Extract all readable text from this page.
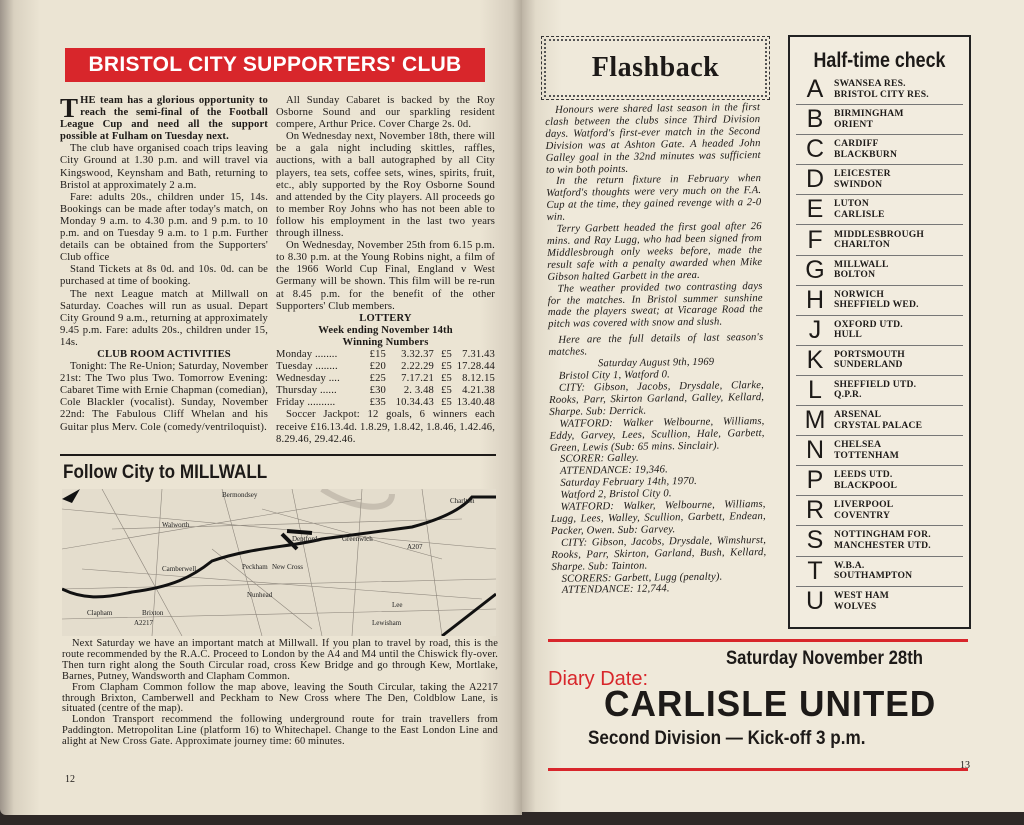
BRISTOL CITY SUPPORTERS' CLUB

THE team has a glorious opportunity to reach the semi-final of the Football League Cup and need all the support possible at Fulham on Tuesday next.

The club have organised coach trips leaving City Ground at 1.30 p.m. and will travel via Kingswood, Keynsham and Bath, returning to Bristol at approximately 2 a.m.

Fare: adults 20s., children under 15, 14s. Bookings can be made after today's match, on Monday 9 a.m. to 4.30 p.m. and 9 p.m. to 10 p.m. and on Tuesday 9 a.m. to 1 p.m. Further details can be obtained from the Supporters' Club office

Stand Tickets at 8s 0d. and 10s. 0d. can be purchased at time of booking.

The next League match at Millwall on Saturday. Coaches will run as usual. Depart City Ground 9 a.m., returning at approximately 9.45 p.m. Fare: adults 20s., children under 15, 14s.

CLUB ROOM ACTIVITIES

Tonight: The Re-Union; Saturday, November 21st: The Two plus Two. Tomorrow Evening: Cabaret Time with Ernie Chapman (comedian), Cole Blackler (vocalist). Sunday, November 22nd: The Fabulous Cliff Whelan and his Guitar plus Merv. Cole (comedy/ventriloquist).

All Sunday Cabaret is backed by the Roy Osborne Sound and our sparkling resident compere, Arthur Price. Cover Charge 2s. 0d.

On Wednesday next, November 18th, there will be a gala night including skittles, raffles, auctions, with a ball autographed by all City players, tea sets, coffee sets, wines, spirits, fruit, etc., ably supported by the Roy Osborne Sound and attended by the City players. All proceeds go to member Roy Johns who has not been able to follow his employment in the last two years through illness.

On Wednesday, November 25th from 6.15 p.m. to 8.30 p.m. at the Young Robins night, a film of the 1966 World Cup Final, England v West Germany will be shown. This film will be re-run at 8.45 p.m. for the benefit of the other Supporters' Club members.

LOTTERY
Week ending November 14th
Winning Numbers
Monday ........	£15	3.32.37 £5 7.31.43
Tuesday ........	£20	2.22.29 £5 17.28.44
Wednesday ....	£25	7.17.21 £5 8.12.15
Thursday ......	£30	2. 3.48 £5 4.21.38
Friday ..........	£35 10.34.43 £5 13.40.48

Soccer Jackpot: 12 goals, 6 winners each receive £16.13.4d. 1.8.29, 1.8.42, 1.8.46, 1.42.46, 8.29.46, 29.42.46.

Follow City to MILLWALL
Bermondsey
Walworth
Deptford	Greenwich
Charlton
Camberwell	Peckham New Cross
Nunhead
Clapham	Brixton
Lee
Lewisham
A2217
A207

Next Saturday we have an important match at Millwall. If you plan to travel by road, this is the route recommended by the R.A.C. Proceed to London by the A4 and M4 until the Chiswick fly-over. Then turn right along the South Circular road, cross Kew Bridge and go through Kew, Mortlake, Barnes, Putney, Wandsworth and Clapham Common.

From Clapham Common follow the map above, leaving the South Circular, taking the A2217 through Brixton, Camberwell and Peckham to New Cross where The Den, Coldblow Lane, is situated (centre of the map).

London Transport recommend the following underground route for train travellers from Paddington. Metropolitan Line (platform 16) to Whitechapel. Change to the East London Line and alight at New Cross Gate. Approximate journey time: 60 minutes.

12
Flashback

Honours were shared last season in the first clash between the clubs since Third Division days. Watford's first-ever match in the Second Division was at Ashton Gate. A headed John Galley goal in the 32nd minutes was sufficient to win both points.

In the return fixture in February when Watford's thoughts were very much on the F.A. Cup at the time, they gained revenge with a 2-0 win.

Terry Garbett headed the first goal after 26 mins. and Ray Lugg, who had been signed from Middlesbrough only weeks before, made the result safe with a penalty awarded when Mike Gibson halted Garbett in the area.

The weather provided two contrasting days for the matches. In Bristol summer sunshine made the players sweat; at Vicarage Road the pitch was covered with snow and slush.

Here are the full details of last season's matches.

Saturday August 9th, 1969

Bristol City 1, Watford 0.

CITY: Gibson, Jacobs, Drysdale, Clarke, Rooks, Parr, Skirton Garland, Galley, Kellard, Sharpe. Sub: Derrick.

WATFORD: Walker Welbourne, Williams, Eddy, Garvey, Lees, Scullion, Hale, Garbett, Green, Lewis (Sub: 65 mins. Sinclair).

SCORER: Galley.

ATTENDANCE: 19,346.

Saturday February 14th, 1970.

Watford 2, Bristol City 0.

WATFORD: Walker, Welbourne, Williams, Lugg, Lees, Walley, Scullion, Garbett, Endean, Packer, Owen. Sub: Garvey.

CITY: Gibson, Jacobs, Drysdale, Wimshurst, Rooks, Parr, Skirton, Garland, Bush, Kellard, Sharpe. Sub: Tainton.

SCORERS: Garbett, Lugg (penalty).

ATTENDANCE: 12,744.

Half-time check
A	SWANSEA RES.
BRISTOL CITY RES.
B	BIRMINGHAM
ORIENT
C	CARDIFF
BLACKBURN
D	LEICESTER
SWINDON
E	LUTON
CARLISLE
F	MIDDLESBROUGH
CHARLTON
G MILLWALL
BOLTON
H	NORWICH
SHEFFIELD WED.
J	OXFORD UTD.
HULL
K	PORTSMOUTH
SUNDERLAND
L	SHEFFIELD UTD.
Q.P.R.
M ARSENAL
CRYSTAL PALACE
N	CHELSEA
TOTTENHAM
P	LEEDS UTD.
BLACKPOOL
R	LIVERPOOL
COVENTRY
S	NOTTINGHAM FOR.
MANCHESTER UTD.
T	W.B.A.
SOUTHAMPTON
U	WEST HAM
WOLVES
Saturday November 28th
Diary Date:
CARLISLE UNITED
Second Division — Kick-off 3 p.m.
13
